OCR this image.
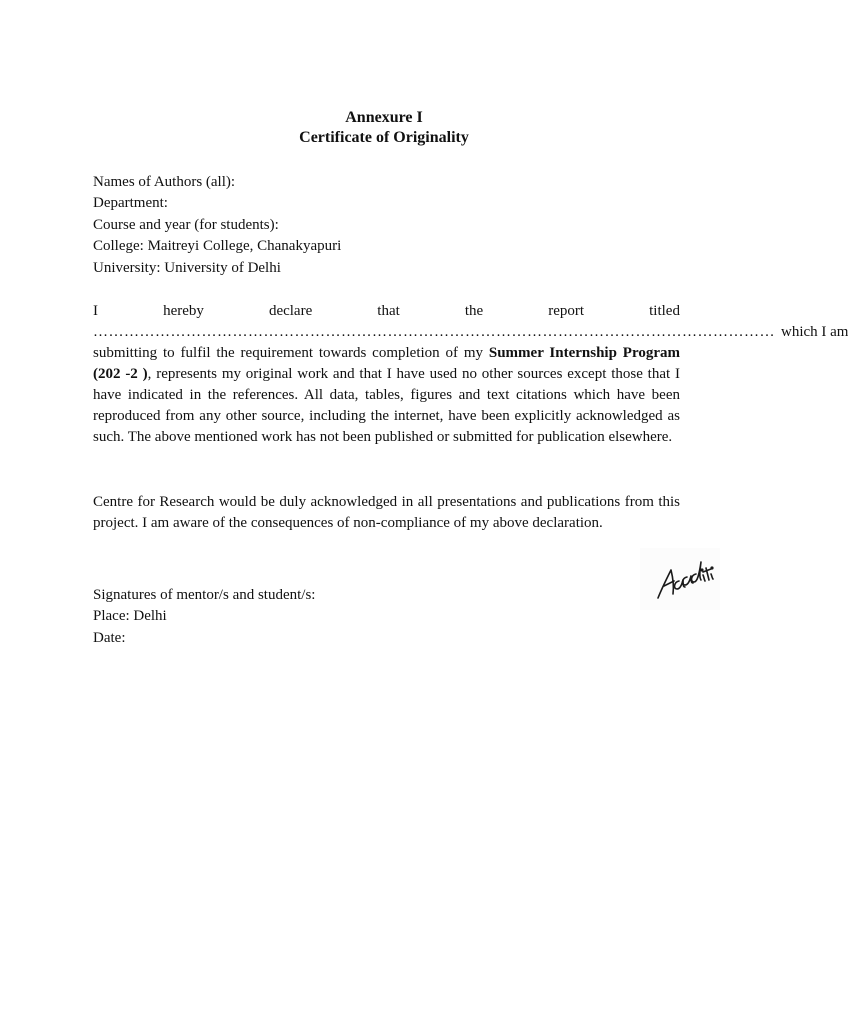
Annexure I
Certificate of Originality
Names of Authors (all):
Department:
Course and year (for students):
College: Maitreyi College, Chanakyapuri
University: University of Delhi
I	hereby	declare	that	the	report	titled
…………………………………………………………………………………………………………………… which I am
submitting to fulfil the requirement towards completion of my Summer Internship Program (202 -2 ), represents my original work and that I have used no other sources except those that I have indicated in the references. All data, tables, figures and text citations which have been reproduced from any other source, including the internet, have been explicitly acknowledged as such. The above mentioned work has not been published or submitted for publication elsewhere.
Centre for Research would be duly acknowledged in all presentations and publications from this project. I am aware of the consequences of non-compliance of my above declaration.
Signatures of mentor/s and student/s:
Place: Delhi
Date:
